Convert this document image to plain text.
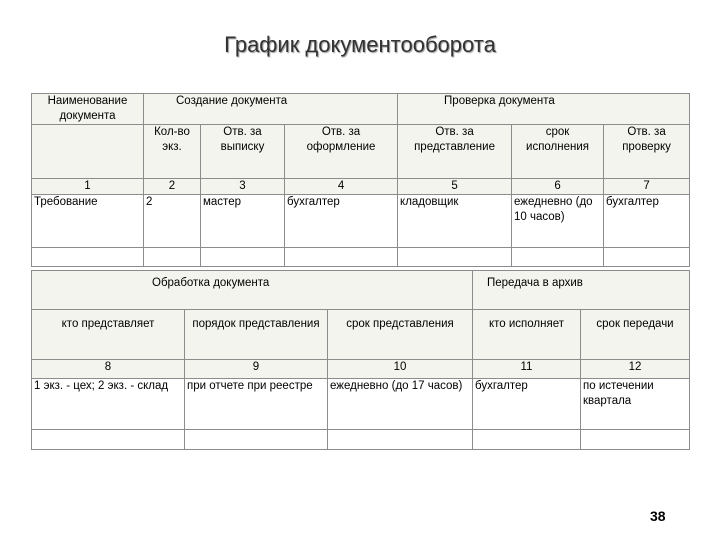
График документооборота
Наименование документа	Создание документа			Проверка документа		
	Кол-во экз.	Отв. за выписку	Отв. за оформление	Отв. за представление	срок исполнения	Отв. за проверку
1	2	3	4	5	6	7
Требование	2	мастер	бухгалтер	кладовщик	ежедневно (до 10 часов)	бухгалтер

Обработка документа			Передача в архив	
кто представляет	порядок представления	срок представления	кто исполняет	срок передачи
8	9	10	11	12
1 экз. - цех; 2 экз. - склад	при отчете при реестре	ежедневно (до 17 часов)	бухгалтер	по истечении квартала

38
